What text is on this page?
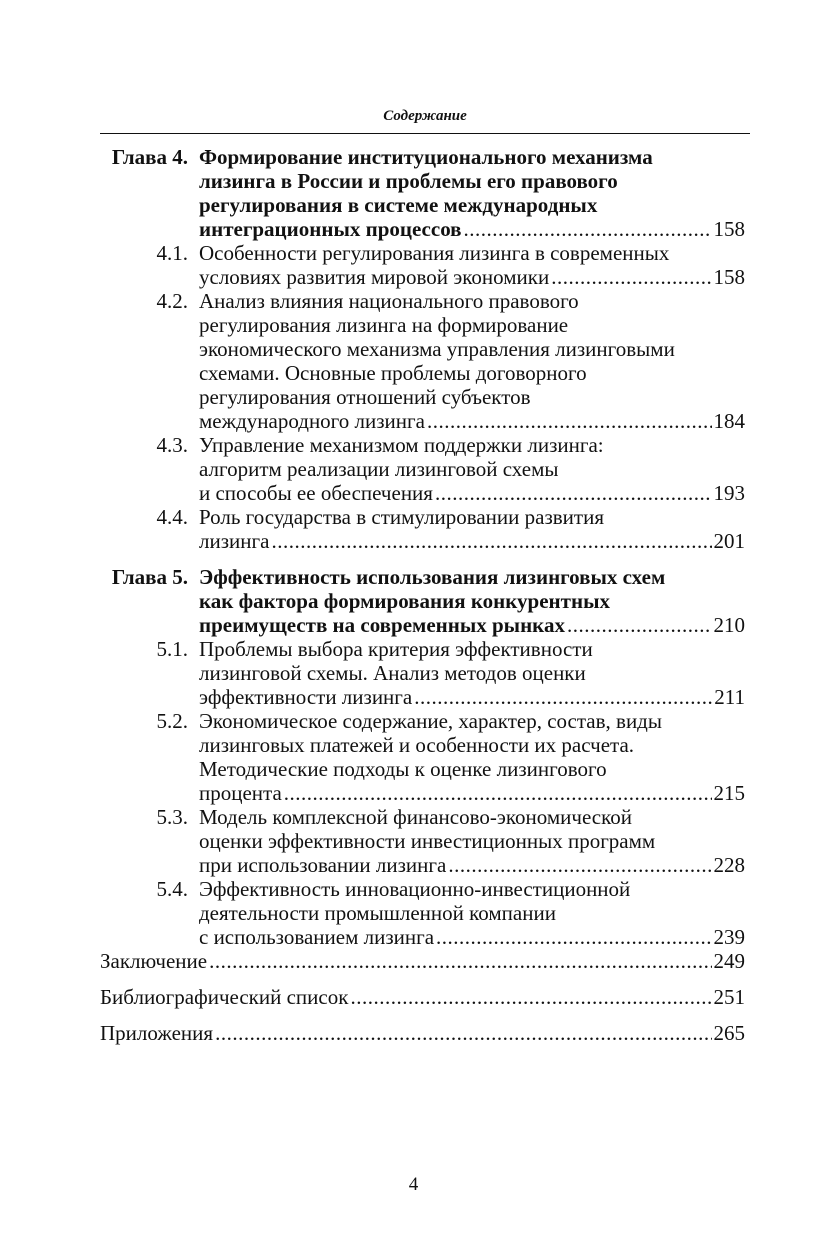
Содержание
Глава 4. Формирование институционального механизма
лизинга в России и проблемы его правового
регулирования в системе международных
интеграционных процессов .....	158
4.1. Особенности регулирования лизинга в современных
условиях развития мировой экономики .....	158
4.2. Анализ влияния национального правового
регулирования лизинга на формирование
экономического механизма управления лизинговыми
схемами. Основные проблемы договорного
регулирования отношений субъектов
международного лизинга .....	184
4.3. Управление механизмом поддержки лизинга:
алгоритм реализации лизинговой схемы
и способы ее обеспечения .....	193
4.4. Роль государства в стимулировании развития
лизинга .....	201
Глава 5. Эффективность использования лизинговых схем
как фактора формирования конкурентных
преимуществ на современных рынках .....	210
5.1. Проблемы выбора критерия эффективности
лизинговой схемы. Анализ методов оценки
эффективности лизинга .....	211
5.2. Экономическое содержание, характер, состав, виды
лизинговых платежей и особенности их расчета.
Методические подходы к оценке лизингового
процента .....	215
5.3. Модель комплексной финансово-экономической
оценки эффективности инвестиционных программ
при использовании лизинга .....	228
5.4. Эффективность инновационно-инвестиционной
деятельности промышленной компании
с использованием лизинга .....	239
Заключение .....	249
Библиографический список .....	251
Приложения .....	265
4
